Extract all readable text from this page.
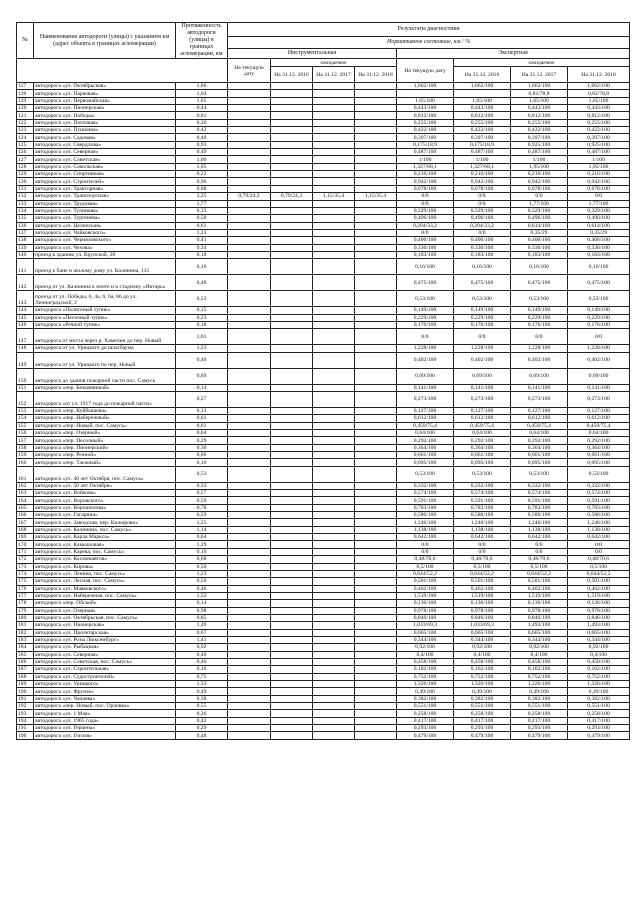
№	Наименование автодороги (улицы) с указанием км (адрес объекта в границах агломерации)	Протяженность автодороги (улицы) в границах агломерации, км	Результаты диагностики							
			Нормативное состояние, км / %							
			Инструментальная				Экспертная			
			На текущую дату	ожидаемое			На текущую дату	ожидаемое		
				На 31.12. 2016	На 31.12. 2017	На 31.12. 2018		На 31.12. 2016	На 31.12. 2017	На 31.12. 2018
117	автодорога «ул. Октябрьская»	1,66					1,662/100	1,662/100	1,662/100	1,662/100
118	автодорога «ул. Парковая»	1,04							0,82/78,8	0,82/78,8
119	автодорога «ул. Первомайская»	1,65					1,65/100	1,65/100	1,65/100	1,65/100
120	автодорога «ул. Пионерская»	0,44					0,443/100	0,443/100	0,443/100	0,443/100
121	автодорога «ул. Победы»	0,81					0,812/100	0,812/100	0,812/100	0,812/100
122	автодорога «ул. Почтовая»	0,26					0,255/100	0,255/100	0,255/100	0,255/100
123	автодорога «ул. Пушкина»	0,42					0,422/100	0,422/100	0,422/100	0,422/100
124	автодорога «ул. Садовая»	0,40					0,397/100	0,397/100	0,397/100	0,397/100
125	автодорога «ул. Свердлова»	0,93					0,175/18,9	0,175/18,9	0,925/100	0,925/100
126	автодорога «ул. Северная»	0,49					0,487/100	0,487/100	0,487/100	0,487/100
127	автодорога «ул. Советская»	1,00					1/100	1/100	1/100	1/100
128	автодорога «ул. Сокольская»	1,95					1,327/68,1	1,327/68,1	1,95/100	1,95/100
129	автодорога «ул. Спортивная»	0,22					0,216/100	0,216/100	0,216/100	0,216/100
130	автодорога «ул. Строителей»	0,96					0,942/100	0,942/100	0,942/100	0,942/100
131	автодорога «ул. Тракторная»	0,68					0,678/100	0,678/100	0,678/100	0,678/100
132	автодорога «ул. Транспортная»	3,25	0,79/24,3	0,79/24,3	1,15/35,4	1,15/35,4	0/0	0/0	0/0	0/0
133	автодорога «ул. Трудовая»	1,77					0/0	0/0	1,77/100	1,77/100
134	автодорога «ул. Тулинова»	0,33					0,329/100	0,329/100	0,329/100	0,329/100
135	автодорога «ул. Тургенева»	0,50					0,496/100	0,496/100	0,496/100	0,496/100
136	автодорога «ул. Целинская»	0,61					0,204/33,2	0,204/33,2	0,614/100	0,614/100
137	автодорога «ул. Чайковского»	1,23					0/0	0/0	0,35/29	0,35/29
138	автодорога «ул. Черняховского»	0,41					0,406/100	0,406/100	0,406/100	0,406/100
139	автодорога «ул. Чехова»	0,34					0,336/100	0,336/100	0,336/100	0,336/100
140	проезд к зданию ул. Крупской, 28	0,18					0,183/100	0,183/100	0,183/100	0,183/100
141	проезд к бане и жилому дому ул. Калинина, 115	0,16					0,16/100	0,16/100	0,16/100	0,16/100
142	проезд от ул. Калинина к почте и к стадиону «Янтарь»	0,48					0,475/100	0,475/100	0,475/100	0,475/100
143	проезд от ул. Победы, 6, 4а, 6, 6а, 86 до ул. Ленинградской, 2	0,53					0,53/100	0,53/100	0,53/100	0,53/100
144	автодорога «Полигоный тупик»	0,15					0,149/100	0,149/100	0,149/100	0,149/100
145	автодорога «Песочный тупик»	0,23					0,229/100	0,229/100	0,229/100	0,229/100
146	автодорога «Речной тупик»	0,18					0,176/100	0,176/100	0,176/100	0,176/100
147	автодорога от моста через р. Хамелин до пер. Новый	1,61					0/0	0/0	0/0	0/0
148	автодорога от ул. Урицкого до шлагбаума	1,23					1,228/100	1,228/100	1,228/100	1,228/100
149	автодорога от ул. Урицкого по пер. Новый	0,40					0,402/100	0,402/100	0,402/100	0,402/100
150	автодорога до здания пожарной части пос. Самусь	0,69					0,69/100	0,69/100	0,69/100	0,69/100
151	автодорога «пер. Безымянный»	0,14					0,141/100	0,141/100	0,141/100	0,141/100
152	автодорога «от ул. 1917 года до пожарной части»	0,27					0,273/100	0,273/100	0,273/100	0,273/100
153	автодорога «пер. Куйбышева»	0,13					0,127/100	0,127/100	0,127/100	0,127/100
154	автодорога «пер. Набережный»	0,61					0,612/100	0,612/100	0,612/100	0,612/100
155	автодорога «пер. Новый, пос. Самусь»	0,61					0,459/75,4	0,459/75,4	0,459/75,4	0,459/75,4
156	автодорога «пер. Озерный»	0,64					0,64/100	0,64/100	0,64/100	0,64/100
157	автодорога «пер. Песочный»	0,29					0,292/100	0,292/100	0,292/100	0,292/100
158	автодорога «пер. Пионерский»	0,36					0,364/100	0,364/100	0,364/100	0,364/100
159	автодорога «пер. Речной»	0,66					0,661/100	0,661/100	0,661/100	0,661/100
160	автодорога «пер. Таежный»	0,10					0,095/100	0,095/100	0,095/100	0,095/100
161	автодорога «ул. 40 лет Октября, пос. Самусь»	0,53					0,53/100	0,53/100	0,53/100	0,53/100
162	автодорога «ул. 50 лет Октября»	0,33					0,332/100	0,332/100	0,332/100	0,332/100
163	автодорога «ул. Войкова»	0,57					0,574/100	0,574/100	0,574/100	0,574/100
164	автодорога «ул. Воровского»	0,59					0,591/100	0,591/100	0,591/100	0,591/100
165	автодорога «ул. Ворошилова»	0,78					0,783/100	0,783/100	0,783/100	0,783/100
166	автодорога «ул. Гагарина»	0,59					0,586/100	0,586/100	0,586/100	0,586/100
167	автодорога «ул. Заводская, пер. Кижирово»	1,25					1,246/100	1,246/100	1,246/100	1,246/100
168	автодорога «ул. Калинина, пос. Самусь»	1,14					1,138/100	1,138/100	1,138/100	1,138/100
169	автодорога «ул. Карла Маркса»	0,64					0,642/100	0,642/100	0,642/100	0,642/100
170	автодорога «ул. Камышовая»	1,29					0/0	0/0	0/0	0/0
171	автодорога «ул. Карева, пос. Самусь»	0,10					0/0	0/0	0/0	0/0
172	автодорога «ул. Космонавтов»	0,68					0,48/70,6	0,48/70,6	0,48/70,6	0,48/70,6
173	автодорога «ул. Кирова»	0,50					0,5/100	0,5/100	0,5/100	0,5/100
174	автодорога «ул. Ленина, пос. Самусь»	1,23					0,644/52,2	0,644/52,2	0,644/52,2	0,644/52,2
175	автодорога «ул. Лесная, пос. Самусь»	0,50					0,501/100	0,501/100	0,501/100	0,501/100
176	автодорога «ул. Маяковского»	0,46					0,462/100	0,462/100	0,462/100	0,462/100
177	автодорога «ул. Набережная, пос. Самусь»	1,52					1,519/100	1,519/100	1,519/100	1,519/100
178	автодорога «пер. Обской»	0,14					0,136/100	0,136/100	0,136/100	0,136/100
179	автодорога «ул. Озерная»	0,98					0,978/100	0,978/100	0,978/100	0,978/100
180	автодорога «ул. Октябрьская, пос. Самусь»	0,85					0,846/100	0,846/100	0,846/100	0,846/100
181	автодорога «ул. Пионерская»	1,49					1,033/69,3	1,033/69,3	1,493/100	1,493/100
182	автодорога «ул. Пролетарская»	0,67					0,665/100	0,665/100	0,665/100	0,665/100
183	автодорога «ул. Розы Люксембург»	1,41					0,344/100	0,344/100	0,344/100	0,344/100
184	автодорога «ул. Рыбацкая»	0,92					0,92/100	0,92/100	0,92/100	0,92/100
185	автодорога «ул. Северная»	0,40					0,4/100	0,4/100	0,4/100	0,4/100
186	автодорога «ул. Советская, пос. Самусь»	0,46					0,458/100	0,458/100	0,458/100	0,458/100
187	автодорога «ул. Строительная»	0,16					0,162/100	0,162/100	0,162/100	0,162/100
188	автодорога «ул. Судостроителей»	0,75					0,752/100	0,752/100	0,752/100	0,752/100
189	автодорога «ул. Урицкого»	1,33					1,326/100	1,326/100	1,326/100	1,326/100
190	автодорога «ул. Фрунзе»	0,49					0,49/100	0,49/100	0,49/100	0,49/100
191	автодорога «ул. Чапаева»	0,38					0,382/100	0,382/100	0,382/100	0,382/100
192	автодорога «пер. Новый, пос. Орловка»	0,55					0,551/100	0,551/100	0,551/100	0,551/100
193	автодорога «ул. 1 Мая»	0,26					0,258/100	0,258/100	0,258/100	0,258/100
194	автодорога «ул. 1905 года»	0,42					0,417/100	0,417/100	0,417/100	0,417/100
195	автодорога «ул. Герцена»	0,29					0,293/100	0,293/100	0,293/100	0,293/100
196	автодорога «ул. Гоголя»	0,48					0,479/100	0,479/100	0,479/100	0,479/100
